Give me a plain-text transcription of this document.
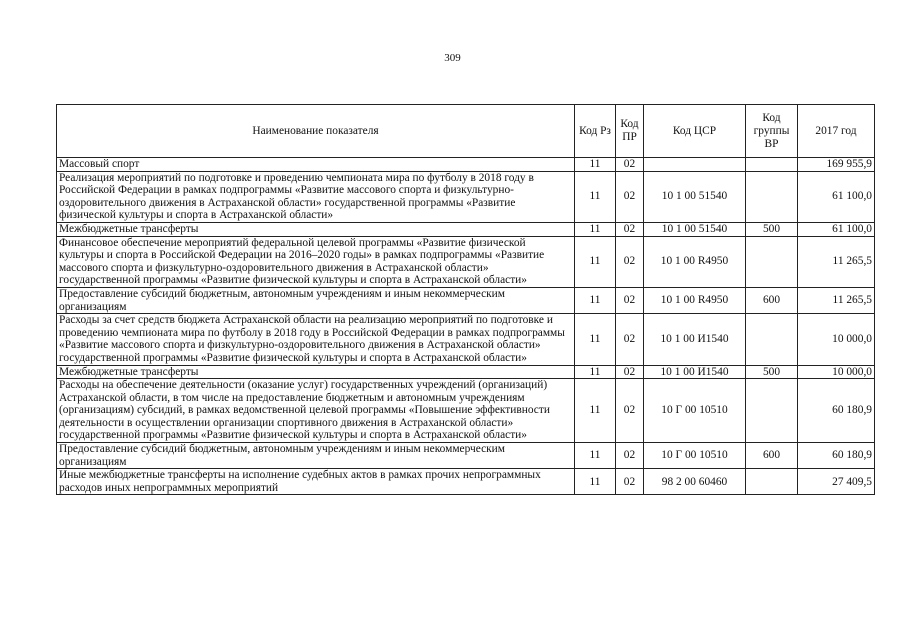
309
Наименование показателя	Код Рз	Код ПР	Код ЦСР	Код группы ВР	2017 год
Массовый спорт	11	02			169 955,9
Реализация мероприятий по подготовке и проведению чемпионата мира по футболу в 2018 году в Российской Федерации в рамках подпрограммы «Развитие массового спорта и физкультурно-оздоровительного движения в Астраханской области» государственной программы «Развитие физической культуры и спорта в Астраханской области»	11	02	10 1 00 51540		61 100,0
Межбюджетные трансферты	11	02	10 1 00 51540	500	61 100,0
Финансовое обеспечение мероприятий федеральной целевой программы «Развитие физической культуры и спорта в Российской Федерации на 2016–2020 годы» в рамках подпрограммы «Развитие массового спорта и физкультурно-оздоровительного движения в Астраханской области» государственной программы «Развитие физической культуры и спорта в Астраханской области»	11	02	10 1 00 R4950		11 265,5
Предоставление субсидий бюджетным, автономным учреждениям и иным некоммерческим организациям	11	02	10 1 00 R4950	600	11 265,5
Расходы за счет средств бюджета Астраханской области на реализацию мероприятий по подготовке и проведению чемпионата мира по футболу в 2018 году в Российской Федерации в рамках подпрограммы «Развитие массового спорта и физкультурно-оздоровительного движения в Астраханской области» государственной программы «Развитие физической культуры и спорта в Астраханской области»	11	02	10 1 00 И1540		10 000,0
Межбюджетные трансферты	11	02	10 1 00 И1540	500	10 000,0
Расходы на обеспечение деятельности (оказание услуг) государственных учреждений (организаций) Астраханской области, в том числе на предоставление бюджетным и автономным учреждениям (организациям) субсидий, в рамках ведомственной целевой программы «Повышение эффективности деятельности в осуществлении организации спортивного движения в Астраханской области» государственной программы «Развитие физической культуры и спорта в Астраханской области»	11	02	10 Г 00 10510		60 180,9
Предоставление субсидий бюджетным, автономным учреждениям и иным некоммерческим организациям	11	02	10 Г 00 10510	600	60 180,9
Иные межбюджетные трансферты на исполнение судебных актов в рамках прочих непрограммных расходов иных непрограммных мероприятий	11	02	98 2 00 60460		27 409,5
